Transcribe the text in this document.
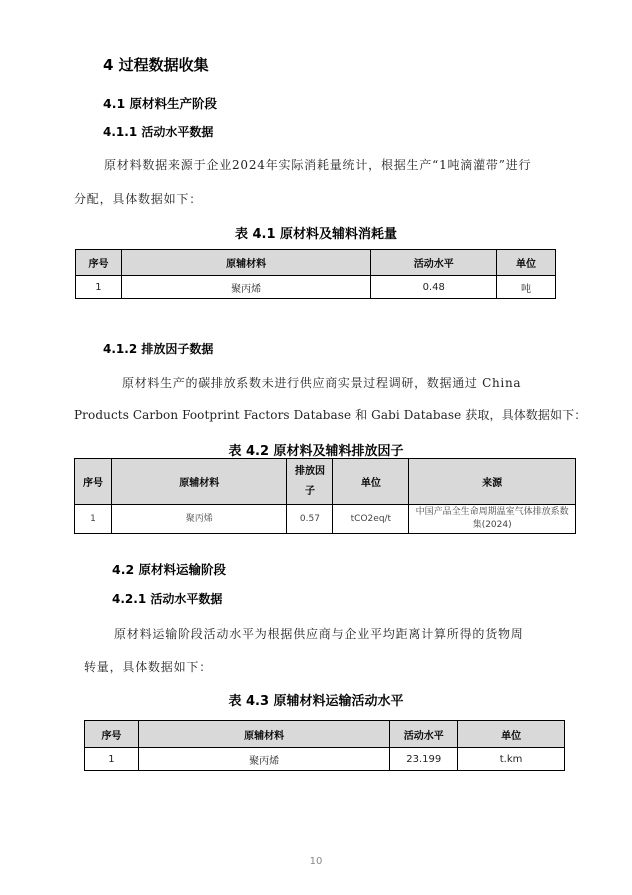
4 过程数据收集
4.1 原材料生产阶段
4.1.1 活动水平数据
原材料数据来源于企业2024年实际消耗量统计，根据生产“1吨滴灌带”进行
分配，具体数据如下：
表 4.1 原材料及辅料消耗量
序号	原辅材料	活动水平	单位
1	聚丙烯	0.48	吨
4.1.2 排放因子数据
原材料生产的碳排放系数未进行供应商实景过程调研，数据通过 China
Products Carbon Footprint Factors Database 和 Gabi Database 获取，具体数据如下：
表 4.2 原材料及辅料排放因子
序号	原辅材料	排放因子	单位	来源
1	聚丙烯	0.57	tCO2eq/t	中国产品全生命周期温室气体排放系数集(2024)
4.2 原材料运输阶段
4.2.1 活动水平数据
原材料运输阶段活动水平为根据供应商与企业平均距离计算所得的货物周
转量，具体数据如下：
表 4.3 原辅材料运输活动水平
序号	原辅材料	活动水平	单位
1	聚丙烯	23.199	t.km
10
